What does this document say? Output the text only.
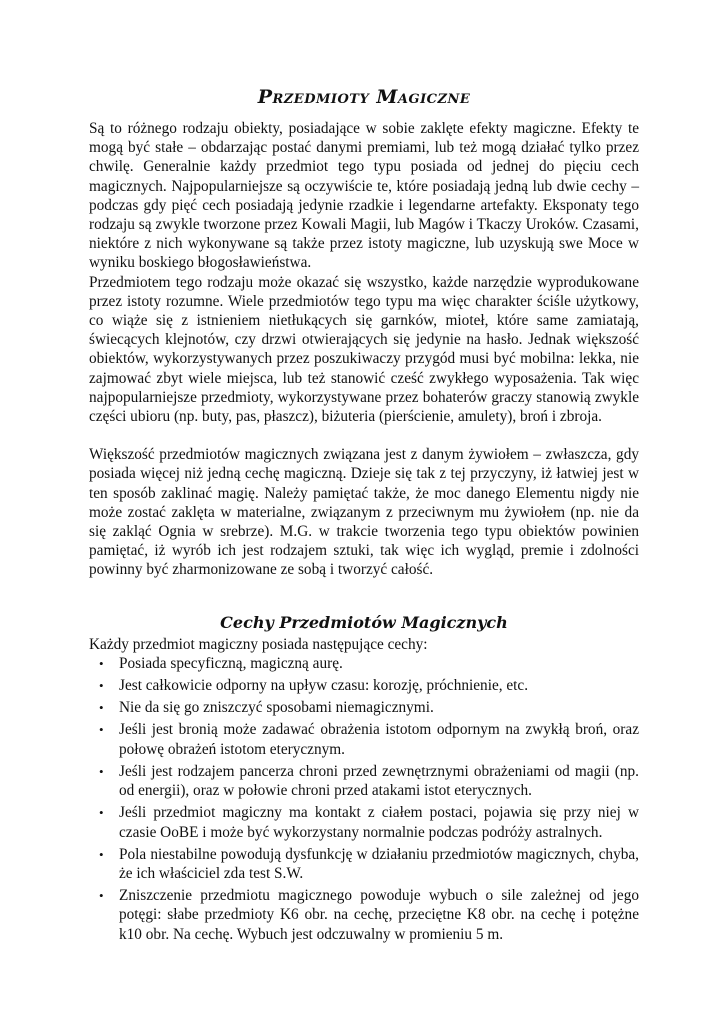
Przedmioty Magiczne

Są to różnego rodzaju obiekty, posiadające w sobie zaklęte efekty magiczne. Efekty te mogą być stałe – obdarzając postać danymi premiami, lub też mogą działać tylko przez chwilę. Generalnie każdy przedmiot tego typu posiada od jednej do pięciu cech magicznych. Najpopularniejsze są oczywiście te, które posiadają jedną lub dwie cechy – podczas gdy pięć cech posiadają jedynie rzadkie i legendarne artefakty. Eksponaty tego rodzaju są zwykle tworzone przez Kowali Magii, lub Magów i Tkaczy Uroków. Czasami, niektóre z nich wykonywane są także przez istoty magiczne, lub uzyskują swe Moce w wyniku boskiego błogosławieństwa.

Przedmiotem tego rodzaju może okazać się wszystko, każde narzędzie wyprodukowane przez istoty rozumne. Wiele przedmiotów tego typu ma więc charakter ściśle użytkowy, co wiąże się z istnieniem nietłukących się garnków, mioteł, które same zamiatają, świecących klejnotów, czy drzwi otwierających się jedynie na hasło. Jednak większość obiektów, wykorzystywanych przez poszukiwaczy przygód musi być mobilna: lekka, nie zajmować zbyt wiele miejsca, lub też stanowić cześć zwykłego wyposażenia. Tak więc najpopularniejsze przedmioty, wykorzystywane przez bohaterów graczy stanowią zwykle części ubioru (np. buty, pas, płaszcz), biżuteria (pierścienie, amulety), broń i zbroja.

Większość przedmiotów magicznych związana jest z danym żywiołem – zwłaszcza, gdy posiada więcej niż jedną cechę magiczną. Dzieje się tak z tej przyczyny, iż łatwiej jest w ten sposób zaklinać magię. Należy pamiętać także, że moc danego Elementu nigdy nie może zostać zaklęta w materialne, związanym z przeciwnym mu żywiołem (np. nie da się zakląć Ognia w srebrze). M.G. w trakcie tworzenia tego typu obiektów powinien pamiętać, iż wyrób ich jest rodzajem sztuki, tak więc ich wygląd, premie i zdolności powinny być zharmonizowane ze sobą i tworzyć całość.

Cechy Przedmiotów Magicznych

Każdy przedmiot magiczny posiada następujące cechy:

• Posiada specyficzną, magiczną aurę.
• Jest całkowicie odporny na upływ czasu: korozję, próchnienie, etc.
• Nie da się go zniszczyć sposobami niemagicznymi.
• Jeśli jest bronią może zadawać obrażenia istotom odpornym na zwykłą broń, oraz połowę obrażeń istotom eterycznym.
• Jeśli jest rodzajem pancerza chroni przed zewnętrznymi obrażeniami od magii (np. od energii), oraz w połowie chroni przed atakami istot eterycznych.
• Jeśli przedmiot magiczny ma kontakt z ciałem postaci, pojawia się przy niej w czasie OoBE i może być wykorzystany normalnie podczas podróży astralnych.
• Pola niestabilne powodują dysfunkcję w działaniu przedmiotów magicznych, chyba, że ich właściciel zda test S.W.
• Zniszczenie przedmiotu magicznego powoduje wybuch o sile zależnej od jego potęgi: słabe przedmioty K6 obr. na cechę, przeciętne K8 obr. na cechę i potężne k10 obr. Na cechę. Wybuch jest odczuwalny w promieniu 5 m.
